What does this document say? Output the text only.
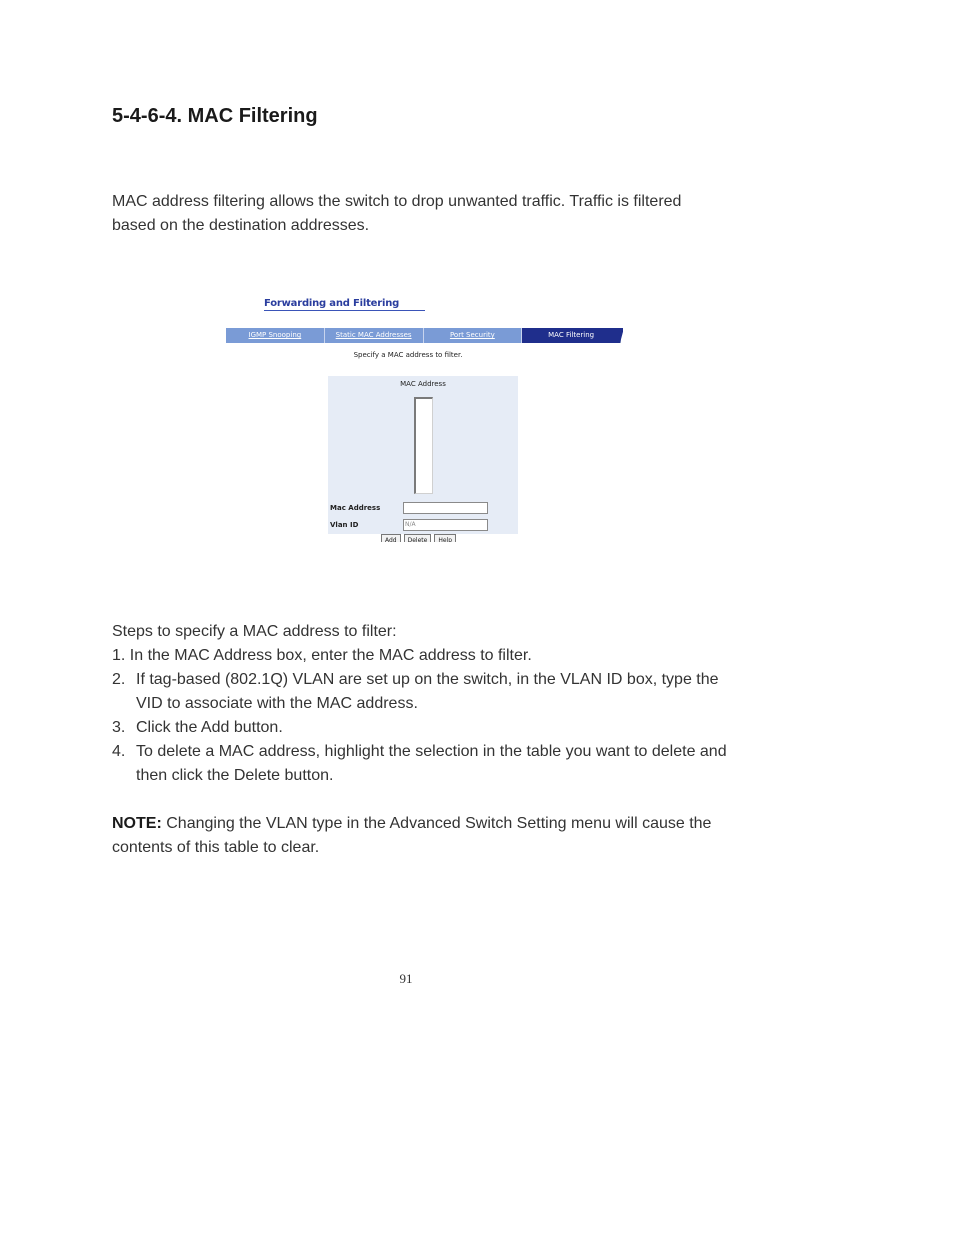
5-4-6-4. MAC Filtering

MAC address filtering allows the switch to drop unwanted traffic. Traffic is filtered based on the destination addresses.

Forwarding and Filtering
IGMP Snooping	Static MAC Addresses	Port Security	MAC Filtering
Specify a MAC address to filter.
MAC Address
Mac Address
Vlan ID	N/A
Add	Delete	Help

Steps to specify a MAC address to filter:

1. In the MAC Address box, enter the MAC address to filter.
2. If tag-based (802.1Q) VLAN are set up on the switch, in the VLAN ID box, type the VID to associate with the MAC address.
3. Click the Add button.
4. To delete a MAC address, highlight the selection in the table you want to delete and then click the Delete button.

NOTE: Changing the VLAN type in the Advanced Switch Setting menu will cause the contents of this table to clear.

91
